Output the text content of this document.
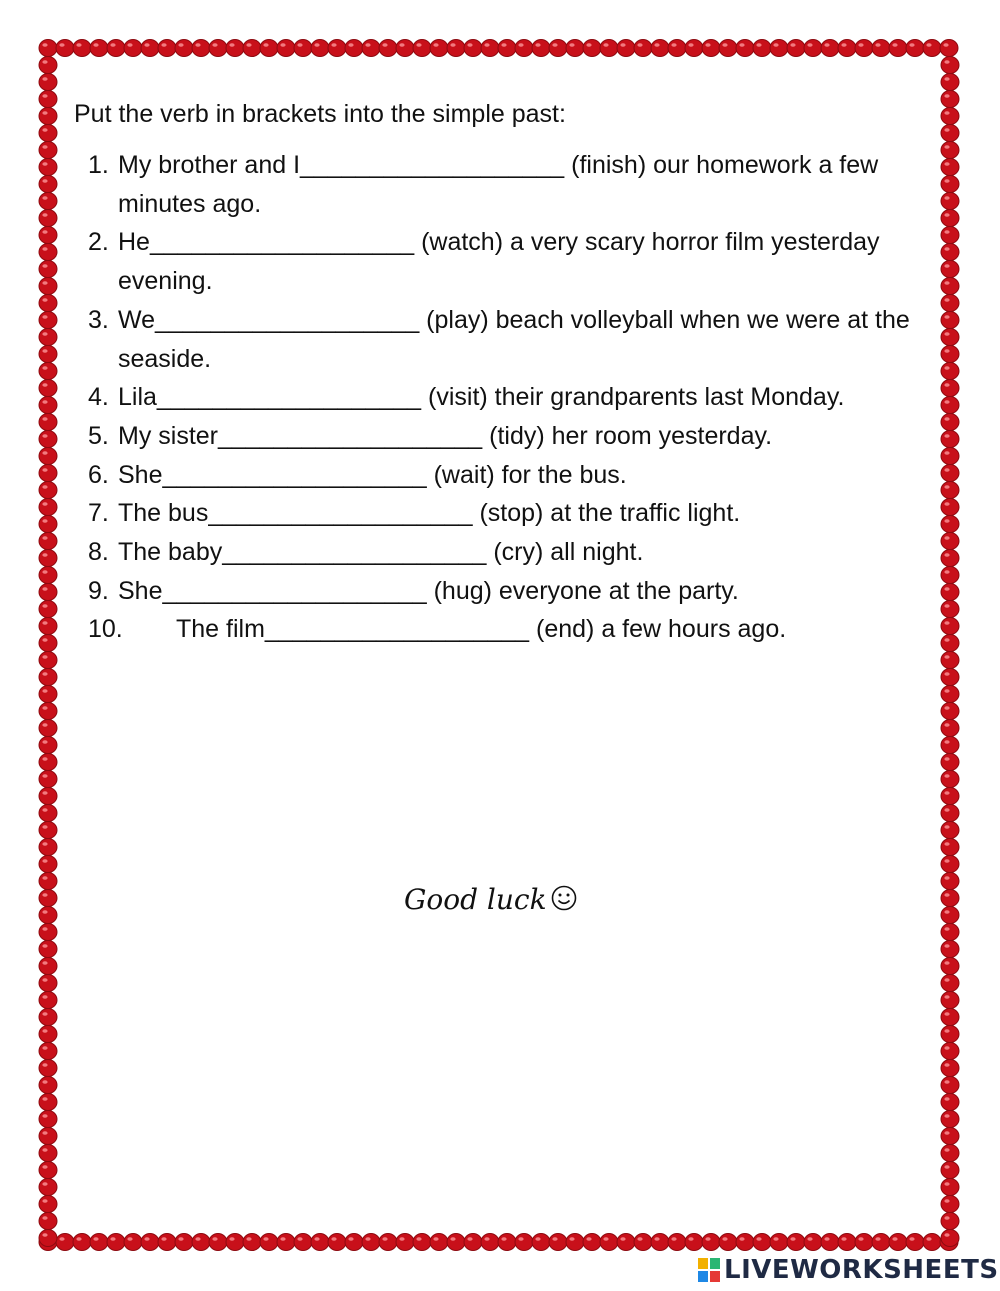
Put the verb in brackets into the simple past:
1. My brother and I___________________ (finish) our homework a few minutes ago.
2. He___________________ (watch) a very scary horror film yesterday evening.
3. We___________________ (play) beach volleyball when we were at the seaside.
4. Lila___________________ (visit) their grandparents last Monday.
5. My sister___________________ (tidy) her room yesterday.
6. She___________________ (wait) for the bus.
7. The bus___________________ (stop) at the traffic light.
8. The baby___________________ (cry) all night.
9. She___________________ (hug) everyone at the party.
10. The film___________________ (end) a few hours ago.
Good luck
LIVEWORKSHEETS
